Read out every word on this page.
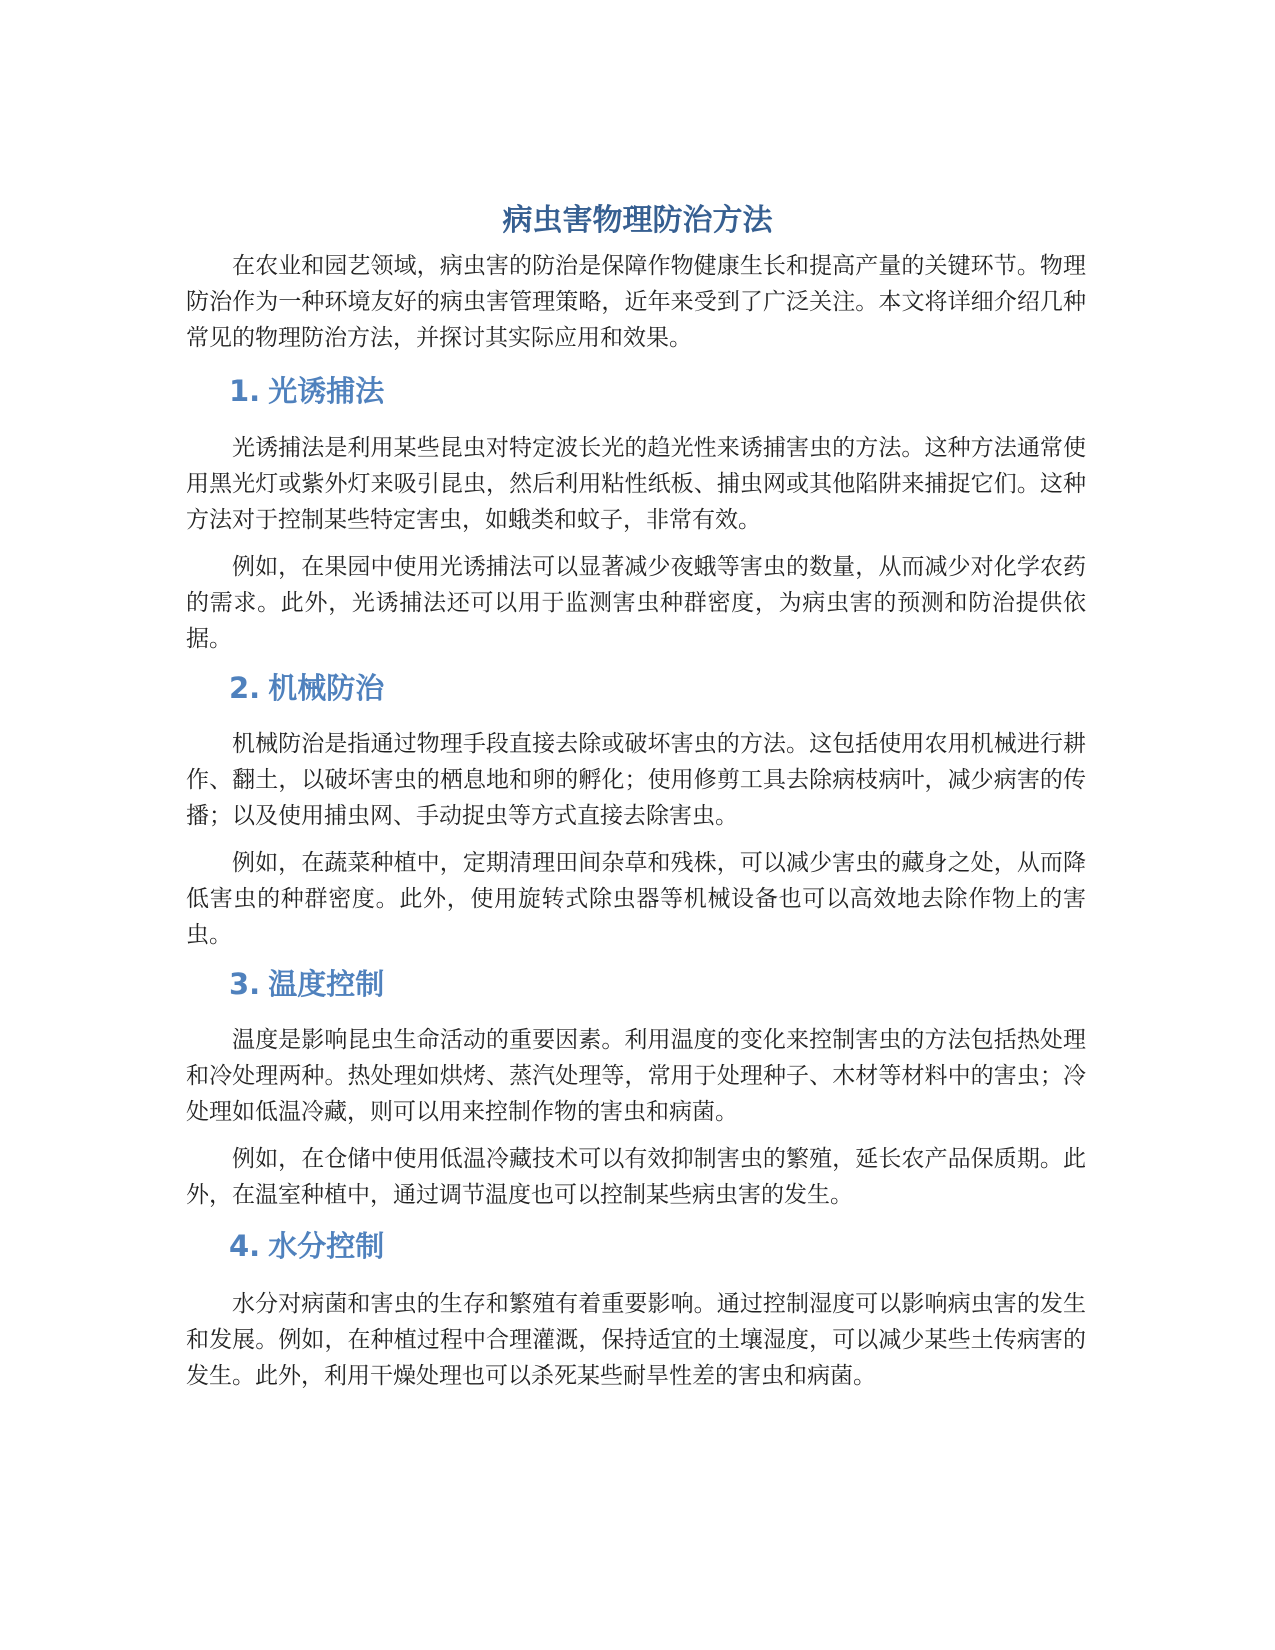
病虫害物理防治方法

在农业和园艺领域，病虫害的防治是保障作物健康生长和提高产量的关键环节。物理防治作为一种环境友好的病虫害管理策略，近年来受到了广泛关注。本文将详细介绍几种常见的物理防治方法，并探讨其实际应用和效果。

1. 光诱捕法

光诱捕法是利用某些昆虫对特定波长光的趋光性来诱捕害虫的方法。这种方法通常使用黑光灯或紫外灯来吸引昆虫，然后利用粘性纸板、捕虫网或其他陷阱来捕捉它们。这种方法对于控制某些特定害虫，如蛾类和蚊子，非常有效。

例如，在果园中使用光诱捕法可以显著减少夜蛾等害虫的数量，从而减少对化学农药的需求。此外，光诱捕法还可以用于监测害虫种群密度，为病虫害的预测和防治提供依据。

2. 机械防治

机械防治是指通过物理手段直接去除或破坏害虫的方法。这包括使用农用机械进行耕作、翻土，以破坏害虫的栖息地和卵的孵化；使用修剪工具去除病枝病叶，减少病害的传播；以及使用捕虫网、手动捉虫等方式直接去除害虫。

例如，在蔬菜种植中，定期清理田间杂草和残株，可以减少害虫的藏身之处，从而降低害虫的种群密度。此外，使用旋转式除虫器等机械设备也可以高效地去除作物上的害虫。

3. 温度控制

温度是影响昆虫生命活动的重要因素。利用温度的变化来控制害虫的方法包括热处理和冷处理两种。热处理如烘烤、蒸汽处理等，常用于处理种子、木材等材料中的害虫；冷处理如低温冷藏，则可以用来控制作物的害虫和病菌。

例如，在仓储中使用低温冷藏技术可以有效抑制害虫的繁殖，延长农产品保质期。此外，在温室种植中，通过调节温度也可以控制某些病虫害的发生。

4. 水分控制

水分对病菌和害虫的生存和繁殖有着重要影响。通过控制湿度可以影响病虫害的发生和发展。例如，在种植过程中合理灌溉，保持适宜的土壤湿度，可以减少某些土传病害的发生。此外，利用干燥处理也可以杀死某些耐旱性差的害虫和病菌。
